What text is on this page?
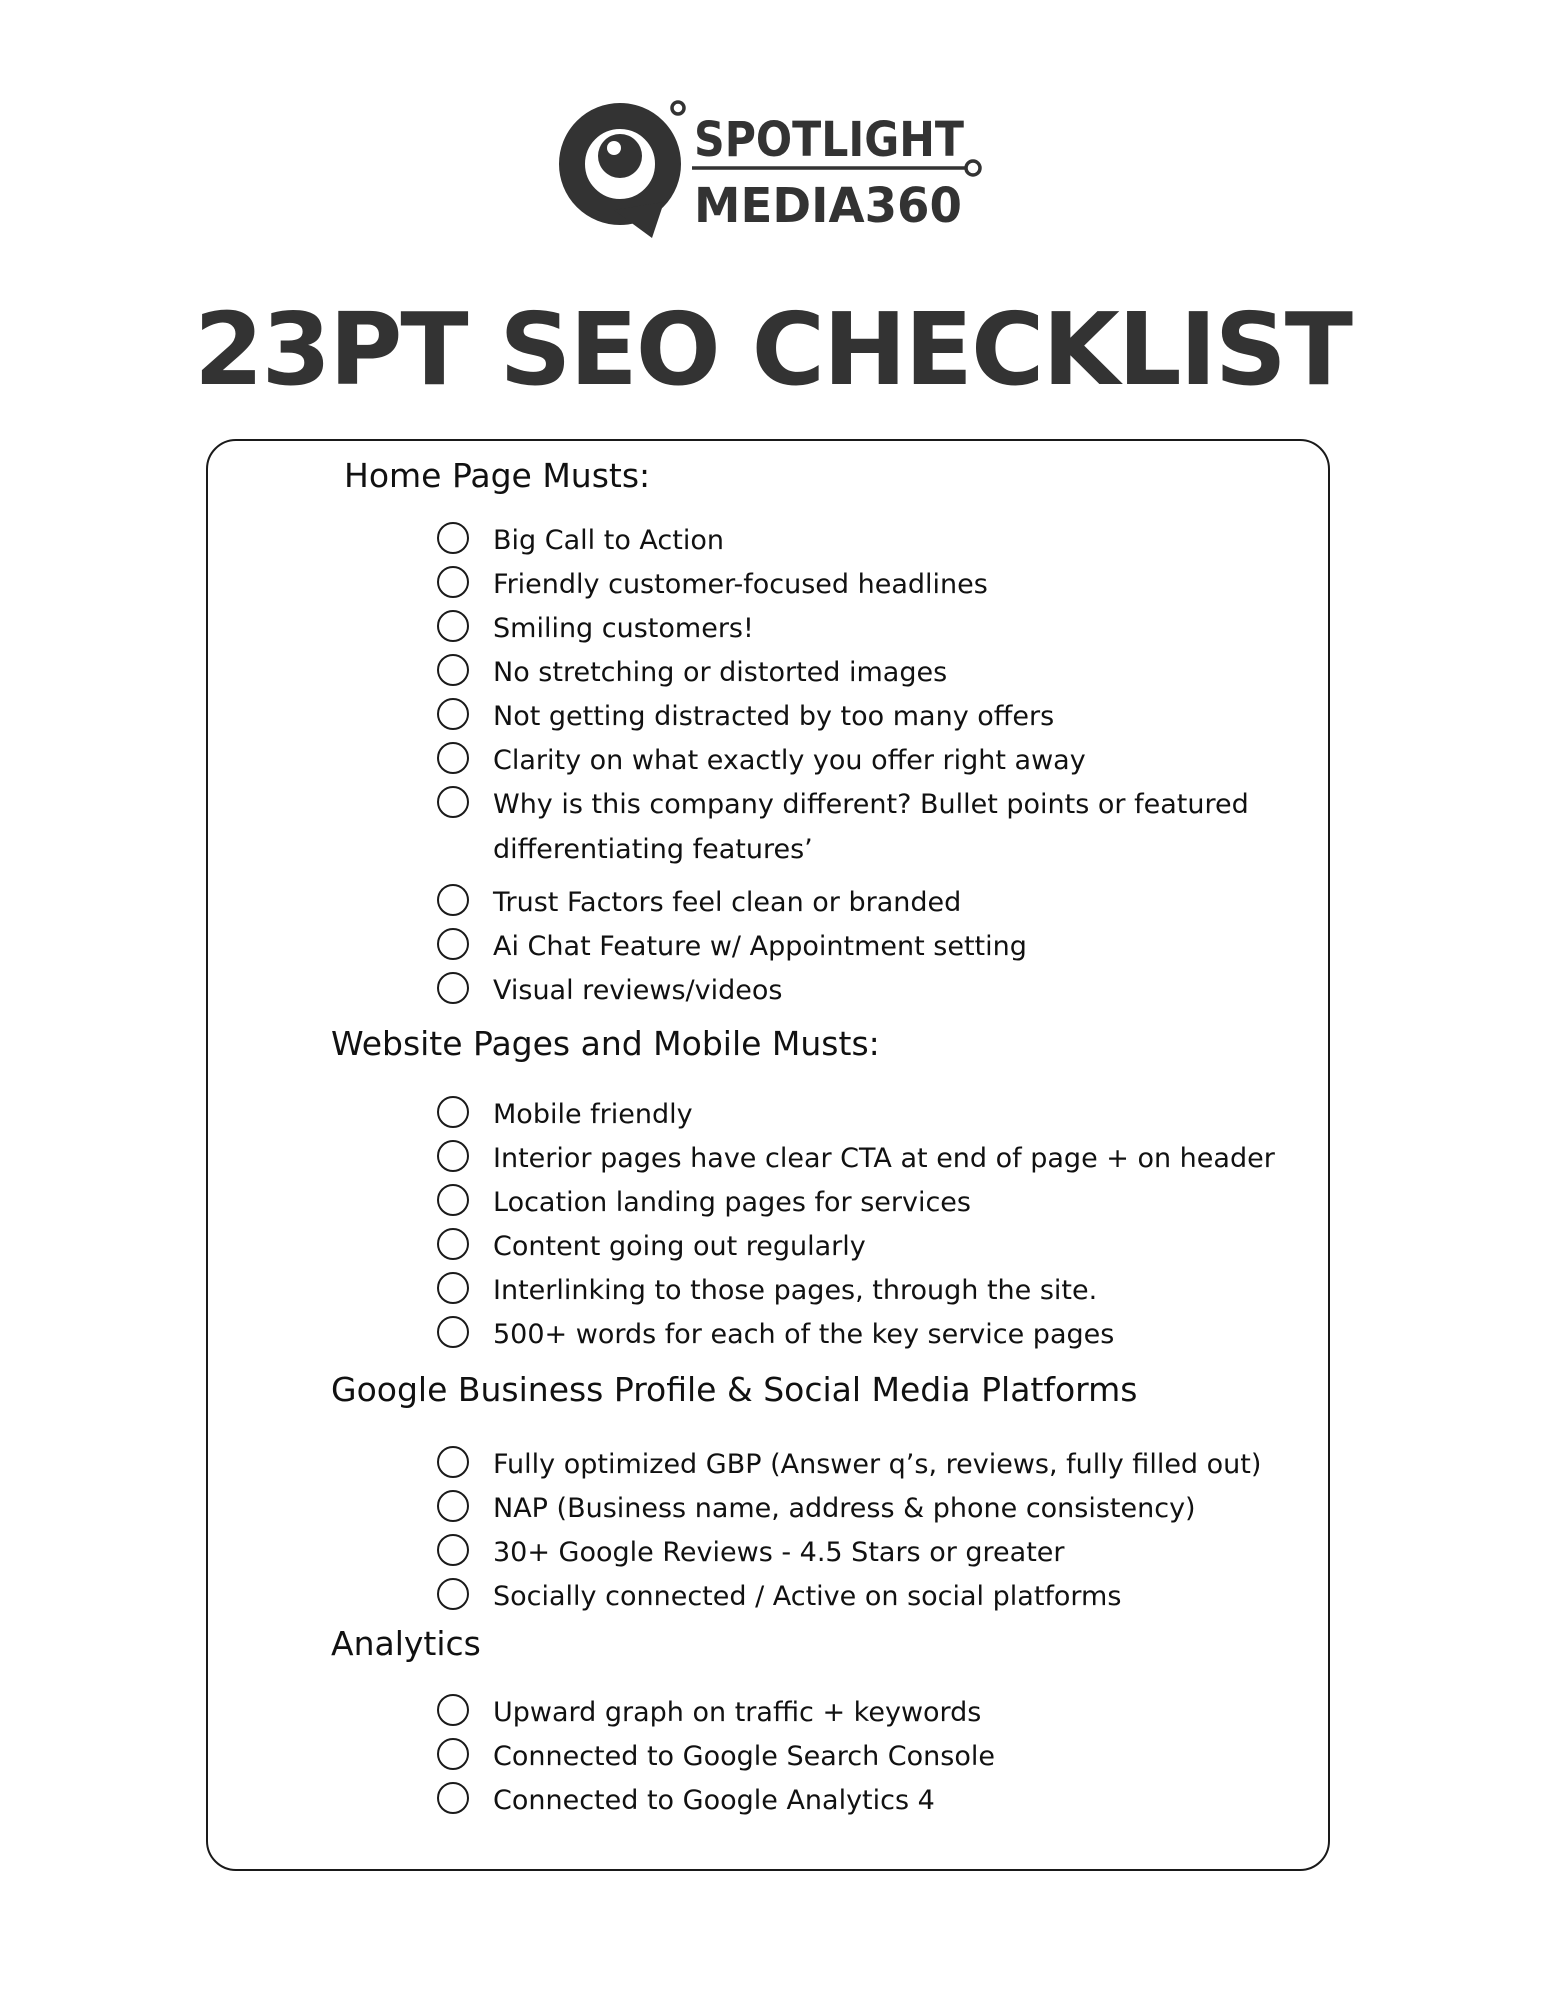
SPOTLIGHT
MEDIA360
23PT SEO CHECKLIST
Home Page Musts:
Big Call to Action
Friendly customer-focused headlines
Smiling customers!
No stretching or distorted images
Not getting distracted by too many offers
Clarity on what exactly you offer right away
Why is this company different? Bullet points or featured differentiating features’
Trust Factors feel clean or branded
Ai Chat Feature w/ Appointment setting
Visual reviews/videos
Website Pages and Mobile Musts:
Mobile friendly
Interior pages have clear CTA at end of page + on header
Location landing pages for services
Content going out regularly
Interlinking to those pages, through the site.
500+ words for each of the key service pages
Google Business Profile & Social Media Platforms
Fully optimized GBP (Answer q’s, reviews, fully filled out)
NAP (Business name, address & phone consistency)
30+ Google Reviews - 4.5 Stars or greater
Socially connected / Active on social platforms
Analytics
Upward graph on traffic + keywords
Connected to Google Search Console
Connected to Google Analytics 4
